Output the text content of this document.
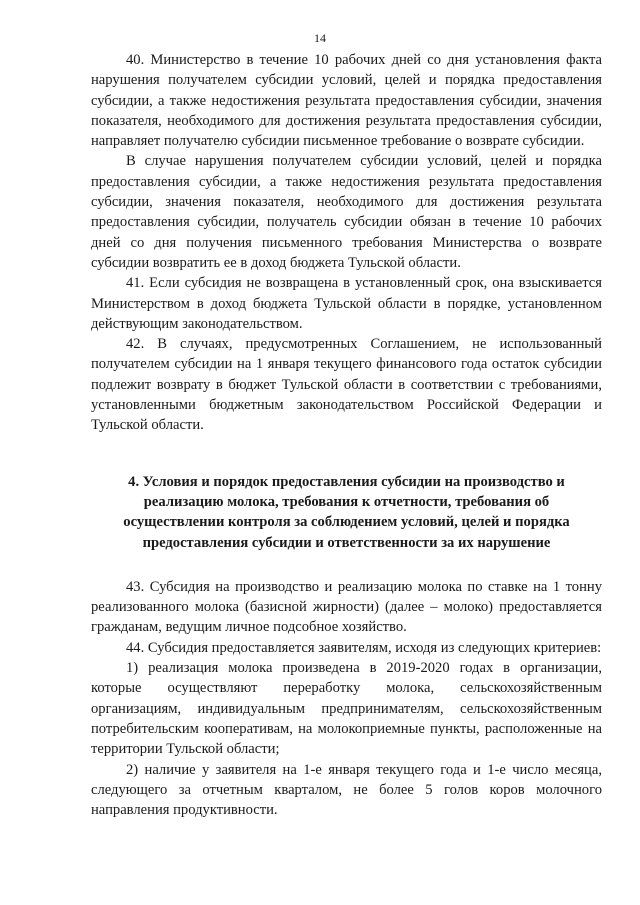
14

40. Министерство в течение 10 рабочих дней со дня установления факта нарушения получателем субсидии условий, целей и порядка предоставления субсидии, а также недостижения результата предоставления субсидии, значения показателя, необходимого для достижения результата предоставления субсидии, направляет получателю субсидии письменное требование о возврате субсидии.

В случае нарушения получателем субсидии условий, целей и порядка предоставления субсидии, а также недостижения результата предоставления субсидии, значения показателя, необходимого для достижения результата предоставления субсидии, получатель субсидии обязан в течение 10 рабочих дней со дня получения письменного требования Министерства о возврате субсидии возвратить ее в доход бюджета Тульской области.

41. Если субсидия не возвращена в установленный срок, она взыскивается Министерством в доход бюджета Тульской области в порядке, установленном действующим законодательством.

42. В случаях, предусмотренных Соглашением, не использованный получателем субсидии на 1 января текущего финансового года остаток субсидии подлежит возврату в бюджет Тульской области в соответствии с требованиями, установленными бюджетным законодательством Российской Федерации и Тульской области.

4. Условия и порядок предоставления субсидии на производство и реализацию молока, требования к отчетности, требования об осуществлении контроля за соблюдением условий, целей и порядка предоставления субсидии и ответственности за их нарушение

43. Субсидия на производство и реализацию молока по ставке на 1 тонну реализованного молока (базисной жирности) (далее – молоко) предоставляется гражданам, ведущим личное подсобное хозяйство.

44. Субсидия предоставляется заявителям, исходя из следующих критериев:

1) реализация молока произведена в 2019-2020 годах в организации, которые осуществляют переработку молока, сельскохозяйственным организациям, индивидуальным предпринимателям, сельскохозяйственным потребительским кооперативам, на молокоприемные пункты, расположенные на территории Тульской области;

2) наличие у заявителя на 1-е января текущего года и 1-е число месяца, следующего за отчетным кварталом, не более 5 голов коров молочного направления продуктивности.
